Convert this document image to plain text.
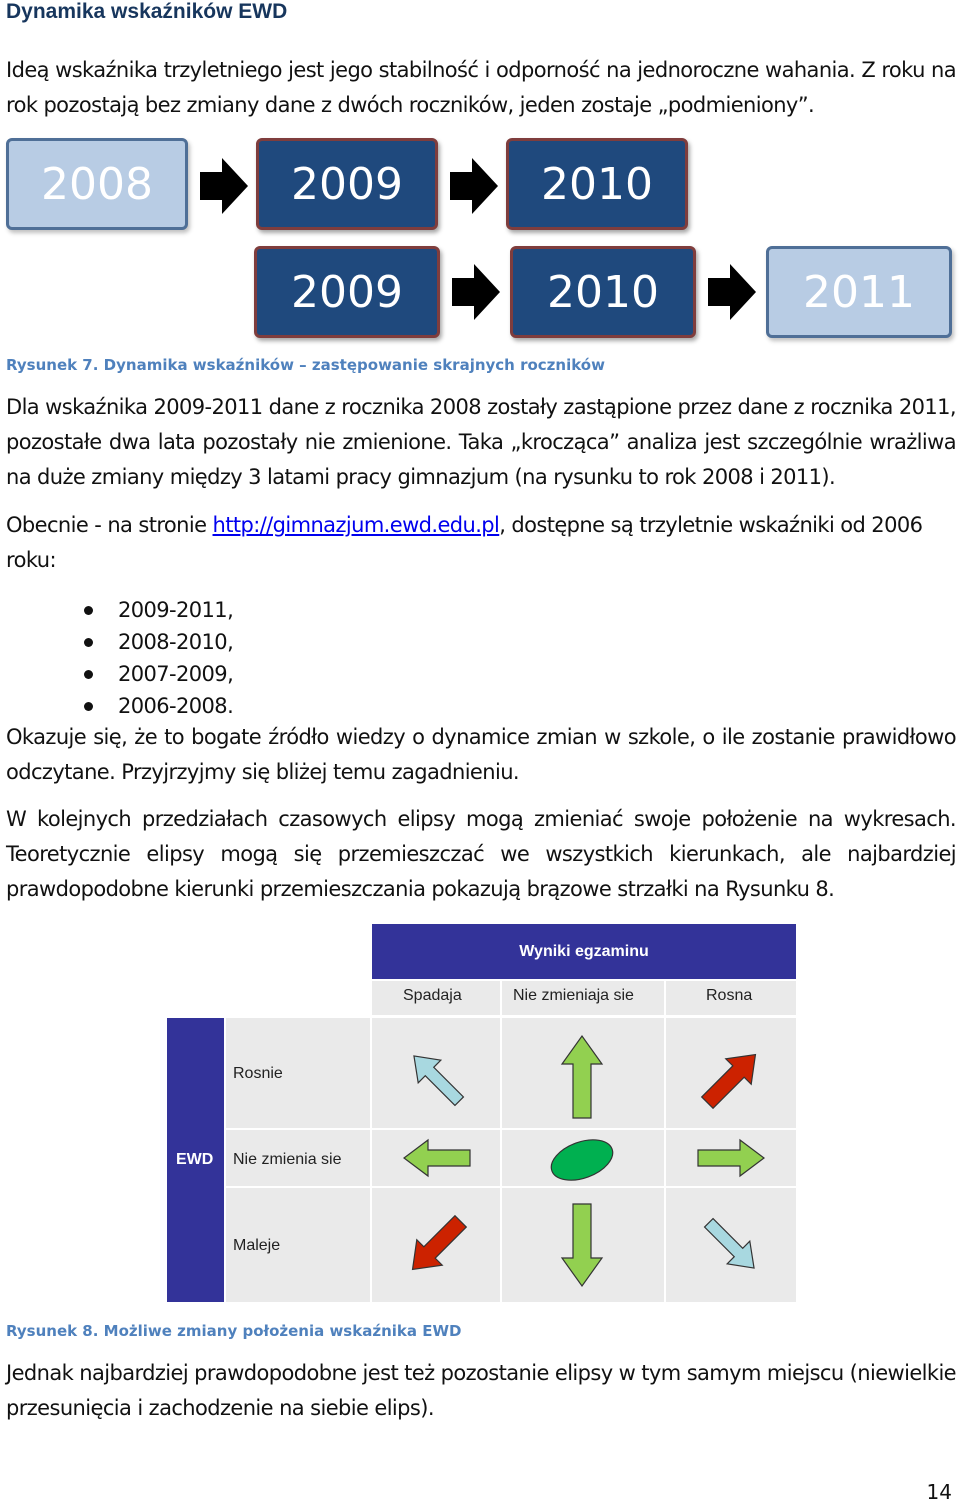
Dynamika wskaźników EWD
Ideą wskaźnika trzyletniego jest jego stabilność i odporność na jednoroczne wahania. Z roku na rok pozostają bez zmiany dane z dwóch roczników, jeden zostaje „podmieniony”.
2008	2009	2010
2009	2010	2011
Rysunek 7. Dynamika wskaźników – zastępowanie skrajnych roczników
Dla wskaźnika 2009-2011 dane z rocznika 2008 zostały zastąpione przez dane z rocznika 2011, pozostałe dwa lata pozostały nie zmienione. Taka „krocząca” analiza jest szczególnie wrażliwa na duże zmiany między 3 latami pracy gimnazjum (na rysunku to rok 2008 i 2011).
Obecnie - na stronie http://gimnazjum.ewd.edu.pl, dostępne są trzyletnie wskaźniki od 2006 roku:
2009-2011,
2008-2010,
2007-2009,
2006-2008.
Okazuje się, że to bogate źródło wiedzy o dynamice zmian w szkole, o ile zostanie prawidłowo odczytane. Przyjrzyjmy się bliżej temu zagadnieniu.
W kolejnych przedziałach czasowych elipsy mogą zmieniać swoje położenie na wykresach. Teoretycznie elipsy mogą się przemieszczać we wszystkich kierunkach, ale najbardziej prawdopodobne kierunki przemieszczania pokazują brązowe strzałki na Rysunku 8.
Wyniki egzaminu
Spadaja	Nie zmieniaja sie	Rosna
EWD
Rosnie
Nie zmienia sie
Maleje
Rysunek 8. Możliwe zmiany położenia wskaźnika EWD
Jednak najbardziej prawdopodobne jest też pozostanie elipsy w tym samym miejscu (niewielkie przesunięcia i zachodzenie na siebie elips).
14
